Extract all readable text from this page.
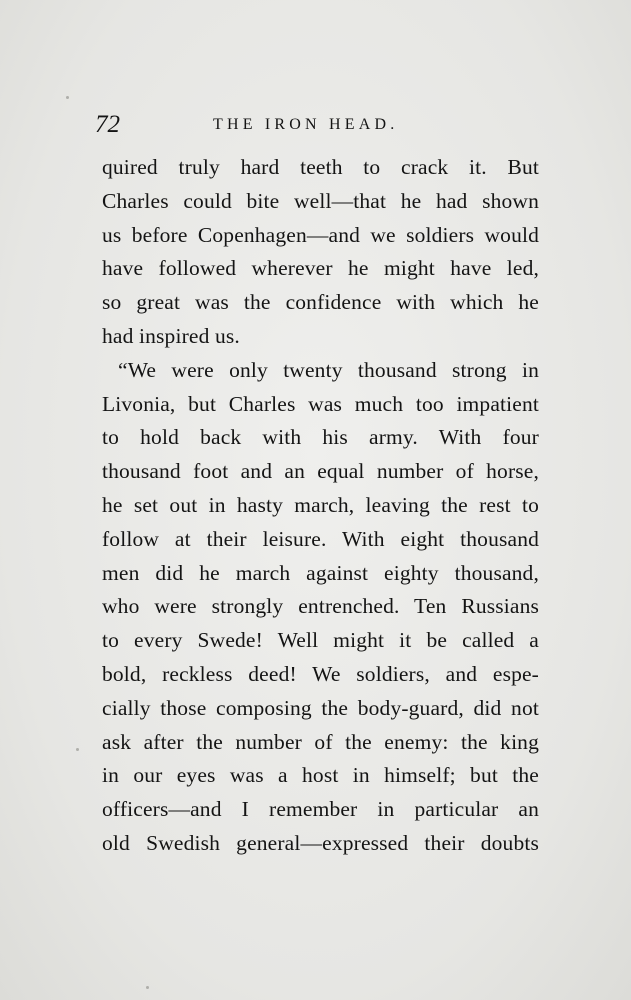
72	THE IRON HEAD.
quired truly hard teeth to crack it. But
Charles could bite well—that he had shown
us before Copenhagen—and we soldiers would
have followed wherever he might have led,
so great was the confidence with which he
had inspired us.
“We were only twenty thousand strong in
Livonia, but Charles was much too impatient
to hold back with his army. With four
thousand foot and an equal number of horse,
he set out in hasty march, leaving the rest to
follow at their leisure. With eight thousand
men did he march against eighty thousand,
who were strongly entrenched. Ten Russians
to every Swede! Well might it be called a
bold, reckless deed! We soldiers, and espe-
cially those composing the body-guard, did not
ask after the number of the enemy: the king
in our eyes was a host in himself; but the
officers—and I remember in particular an
old Swedish general—expressed their doubts
